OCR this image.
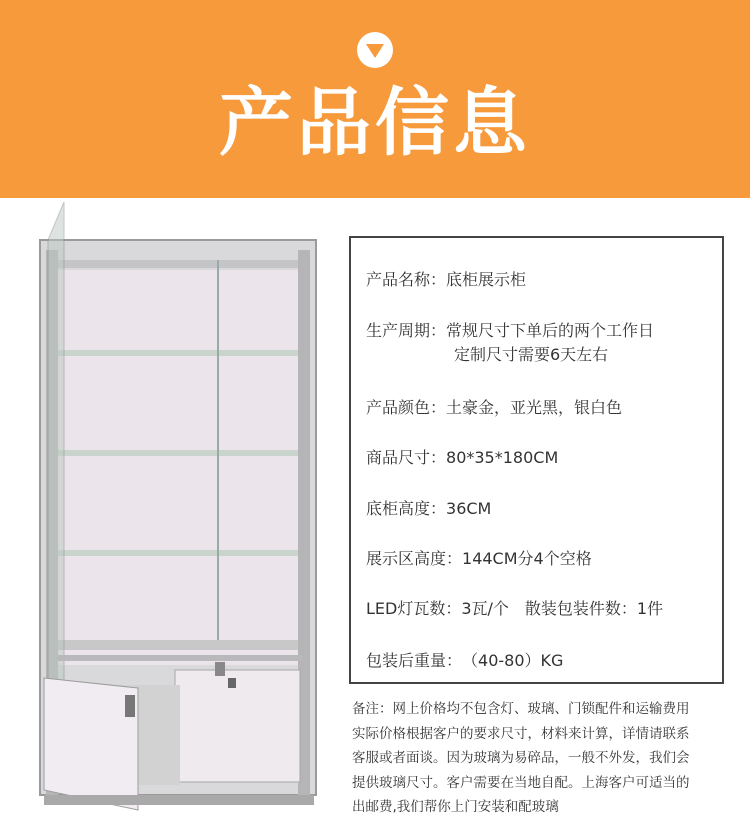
产品信息
产品名称：底柜展示柜
生产周期：常规尺寸下单后的两个工作日
定制尺寸需要6天左右
产品颜色：土豪金，亚光黑，银白色
商品尺寸：80*35*180CM
底柜高度：36CM
展示区高度：144CM分4个空格
LED灯瓦数：3瓦/个　散装包装件数：1件
包装后重量：（40-80）KG
备注：网上价格均不包含灯、玻璃、门锁配件和运输费用
实际价格根据客户的要求尺寸，材料来计算，详情请联系
客服或者面谈。因为玻璃为易碎品，一般不外发，我们会
提供玻璃尺寸。客户需要在当地自配。上海客户可适当的
出邮费,我们帮你上门安装和配玻璃
